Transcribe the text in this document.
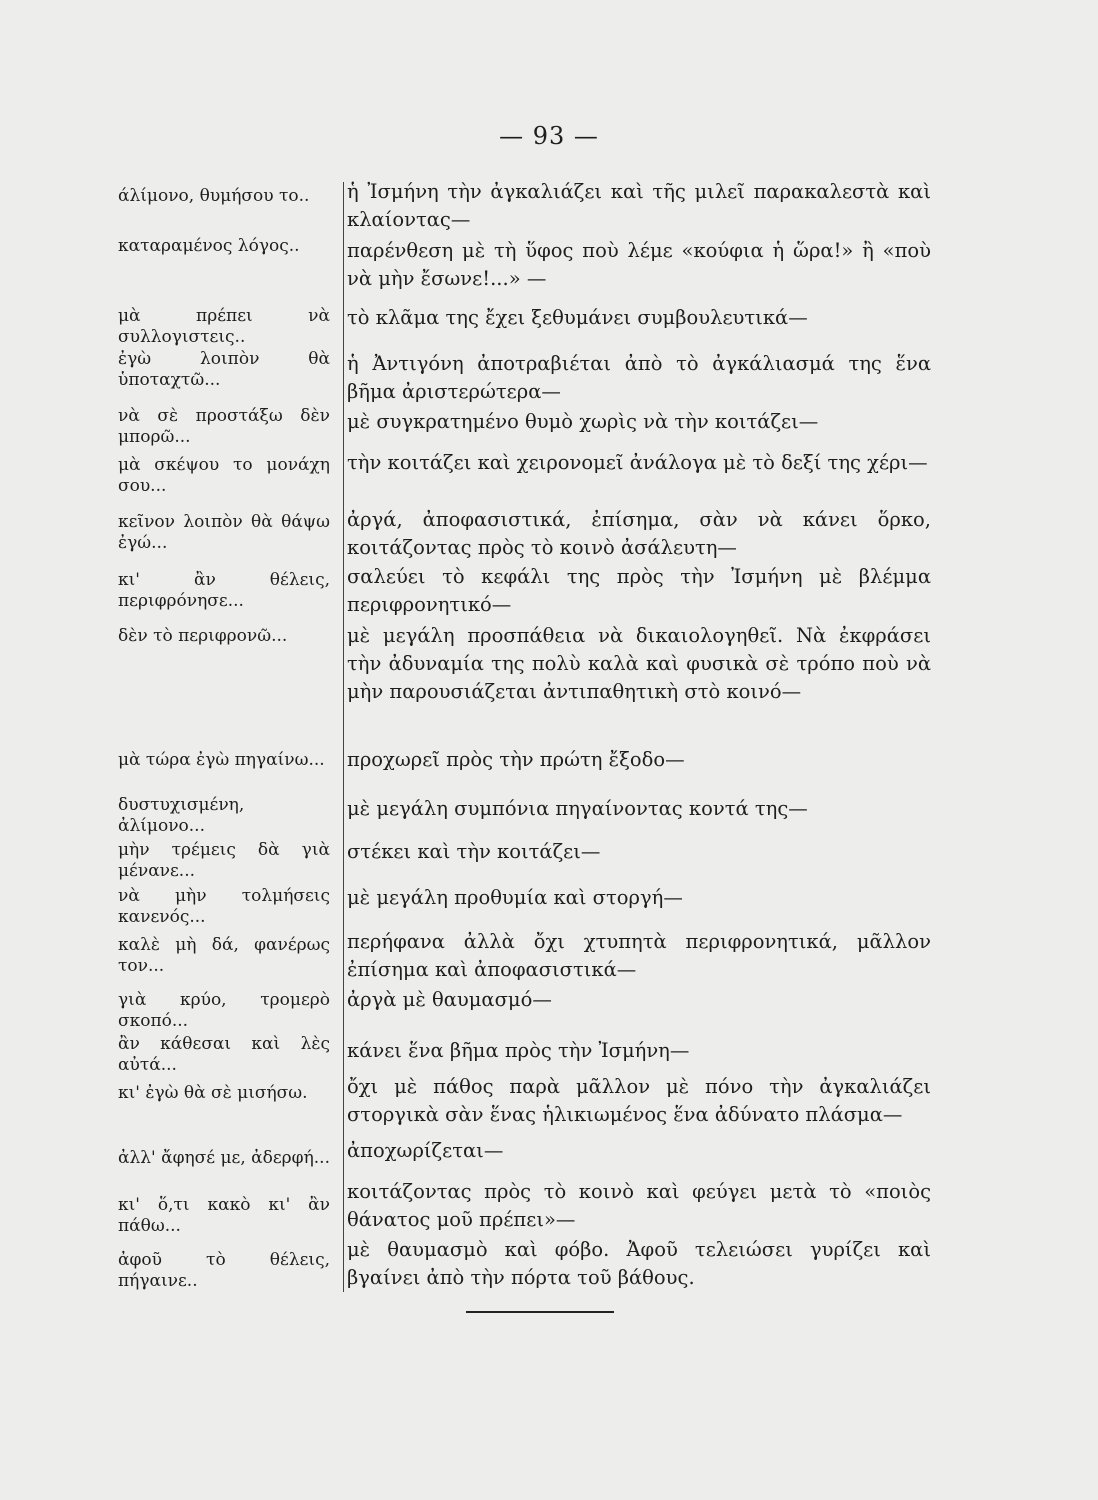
— 93 —
άλίμονο, θυμήσου το..
καταραμένος λόγος..
μὰ πρέπει νὰ συλλογιστεις..
ἐγὼ λοιπὸν θὰ ὑποταχτῶ...
νὰ σὲ προστάξω δὲν μπορῶ...
μὰ σκέψου το μονάχη σου...
κεῖνον λοιπὸν θὰ θάψω ἐγώ...
κι' ἂν θέλεις, περιφρόνησε...
δὲν τὸ περιφρονῶ...
μὰ τώρα ἐγὼ πηγαίνω...
δυστυχισμένη, ἀλίμονο...
μὴν τρέμεις δὰ γιὰ μένανε...
νὰ μὴν τολμήσεις κανενός...
καλὲ μὴ δά, φανέρως τον...
γιὰ κρύο, τρομερὸ σκοπό...
ἂν κάθεσαι καὶ λὲς αὐτά...
κι' ἐγὼ θὰ σὲ μισήσω.
ἀλλ' ἄφησέ με, ἀδερφή...
κι' ὅ,τι κακὸ κι' ἂν πάθω...
ἀφοῦ τὸ θέλεις, πήγαινε..
ἡ Ἰσμήνη τὴν ἀγκαλιάζει καὶ τῆς μιλεῖ παρακαλεστὰ καὶ κλαίοντας—
παρένθεση μὲ τὴ ὕφος ποὺ λέμε «κούφια ἡ ὥρα!» ἢ «ποὺ νὰ μὴν ἔσωνε!...» —
τὸ κλᾶμα της ἔχει ξεθυμάνει συμβουλευτικά—
ἡ Ἀντιγόνη ἀποτραβιέται ἀπὸ τὸ ἀγκάλιασμά της ἕνα βῆμα ἀριστερώτερα—
μὲ συγκρατημένο θυμὸ χωρὶς νὰ τὴν κοιτάζει—
τὴν κοιτάζει καὶ χειρονομεῖ ἀνάλογα μὲ τὸ δεξί της χέρι—
ἀργά, ἀποφασιστικά, ἐπίσημα, σὰν νὰ κάνει ὅρκο, κοιτάζοντας πρὸς τὸ κοινὸ ἀσάλευτη—
σαλεύει τὸ κεφάλι της πρὸς τὴν Ἰσμήνη μὲ βλέμμα περιφρονητικό—
μὲ μεγάλη προσπάθεια νὰ δικαιολογηθεῖ. Νὰ ἐκφράσει τὴν ἀδυναμία της πολὺ καλὰ καὶ φυσικὰ σὲ τρόπο ποὺ νὰ μὴν παρουσιάζεται ἀντιπαθητικὴ στὸ κοινό—
προχωρεῖ πρὸς τὴν πρώτη ἔξοδο—
μὲ μεγάλη συμπόνια πηγαίνοντας κοντά της—
στέκει καὶ τὴν κοιτάζει—
μὲ μεγάλη προθυμία καὶ στοργή—
περήφανα ἀλλὰ ὄχι χτυπητὰ περιφρονητικά, μᾶλλον ἐπίσημα καὶ ἀποφασιστικά—
ἀργὰ μὲ θαυμασμό—
κάνει ἕνα βῆμα πρὸς τὴν Ἰσμήνη—
ὄχι μὲ πάθος παρὰ μᾶλλον μὲ πόνο τὴν ἀγκαλιάζει στοργικὰ σὰν ἕνας ἡλικιωμένος ἕνα ἀδύνατο πλάσμα—
ἀποχωρίζεται—
κοιτάζοντας πρὸς τὸ κοινὸ καὶ φεύγει μετὰ τὸ «ποιὸς θάνατος μοῦ πρέπει»—
μὲ θαυμασμὸ καὶ φόβο. Ἀφοῦ τελειώσει γυρίζει καὶ βγαίνει ἀπὸ τὴν πόρτα τοῦ βάθους.
